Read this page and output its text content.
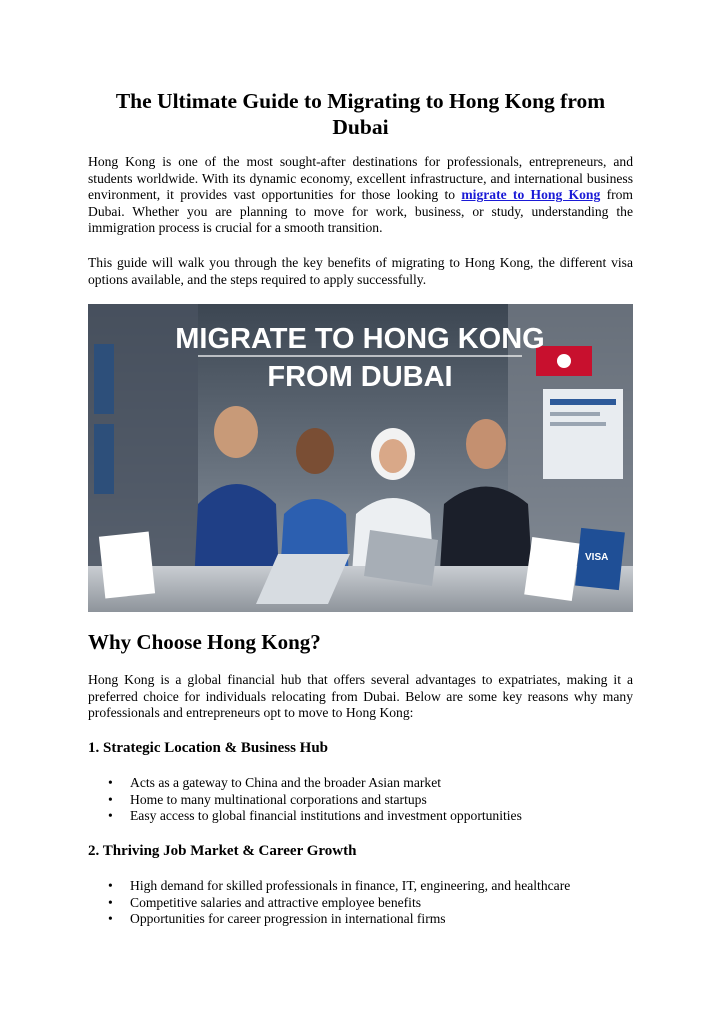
The Ultimate Guide to Migrating to Hong Kong from Dubai

Hong Kong is one of the most sought-after destinations for professionals, entrepreneurs, and students worldwide. With its dynamic economy, excellent infrastructure, and international business environment, it provides vast opportunities for those looking to migrate to Hong Kong from Dubai. Whether you are planning to move for work, business, or study, understanding the immigration process is crucial for a smooth transition.

This guide will walk you through the key benefits of migrating to Hong Kong, the different visa options available, and the steps required to apply successfully.

VISA
MIGRATE TO HONG KONG
FROM DUBAI
Why Choose Hong Kong?

Hong Kong is a global financial hub that offers several advantages to expatriates, making it a preferred choice for individuals relocating from Dubai. Below are some key reasons why many professionals and entrepreneurs opt to move to Hong Kong:

1. Strategic Location & Business Hub
• Acts as a gateway to China and the broader Asian market
• Home to many multinational corporations and startups
• Easy access to global financial institutions and investment opportunities
2. Thriving Job Market & Career Growth
• High demand for skilled professionals in finance, IT, engineering, and healthcare
• Competitive salaries and attractive employee benefits
• Opportunities for career progression in international firms
